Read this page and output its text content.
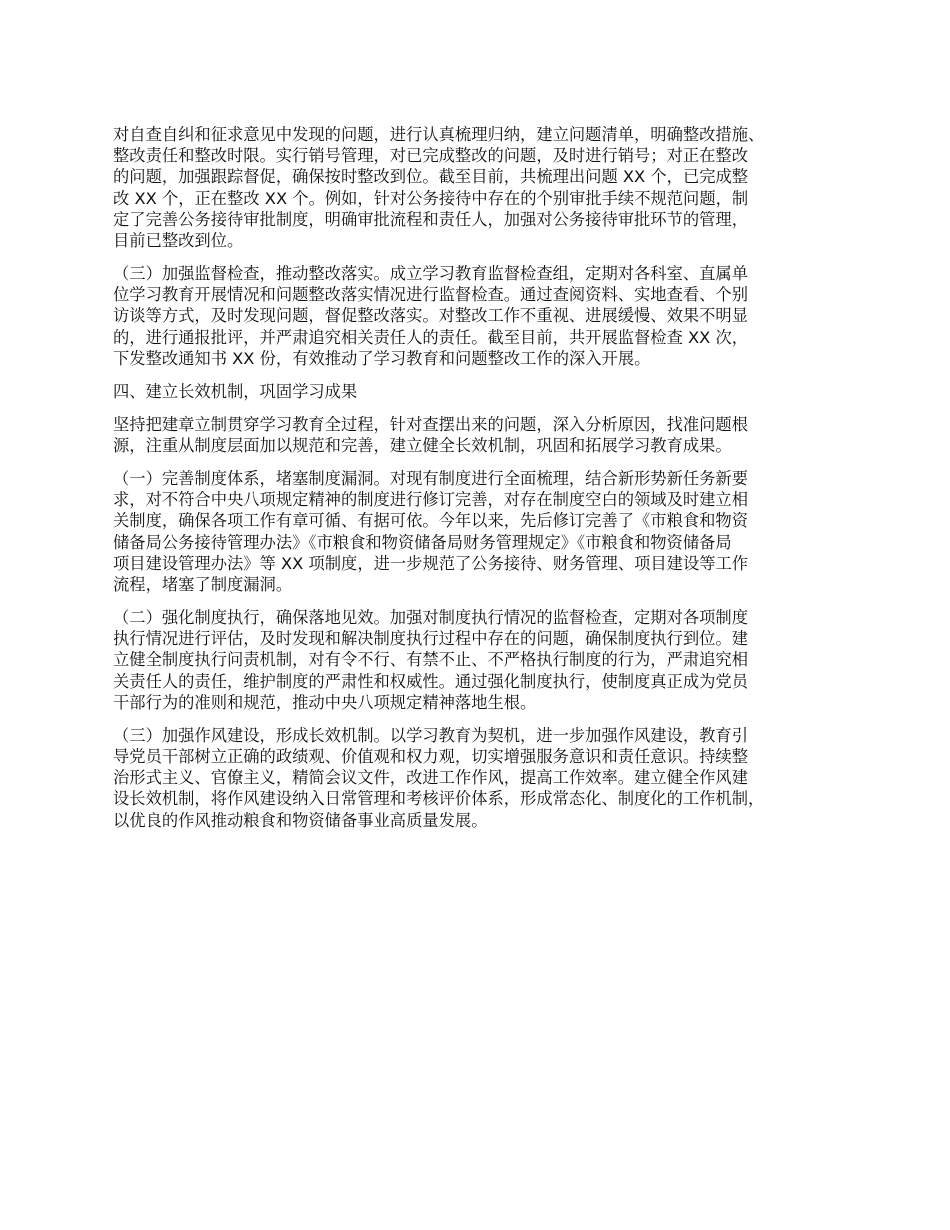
对自查自纠和征求意见中发现的问题，进行认真梳理归纳，建立问题清单，明确整改措施、
整改责任和整改时限。实行销号管理，对已完成整改的问题，及时进行销号；对正在整改
的问题，加强跟踪督促，确保按时整改到位。截至目前，共梳理出问题 XX 个，已完成整
改 XX 个，正在整改 XX 个。例如，针对公务接待中存在的个别审批手续不规范问题，制
定了完善公务接待审批制度，明确审批流程和责任人，加强对公务接待审批环节的管理，
目前已整改到位。

（三）加强监督检查，推动整改落实。成立学习教育监督检查组，定期对各科室、直属单
位学习教育开展情况和问题整改落实情况进行监督检查。通过查阅资料、实地查看、个别
访谈等方式，及时发现问题，督促整改落实。对整改工作不重视、进展缓慢、效果不明显
的，进行通报批评，并严肃追究相关责任人的责任。截至目前，共开展监督检查 XX 次，
下发整改通知书 XX 份，有效推动了学习教育和问题整改工作的深入开展。

四、建立长效机制，巩固学习成果

坚持把建章立制贯穿学习教育全过程，针对查摆出来的问题，深入分析原因，找准问题根
源，注重从制度层面加以规范和完善，建立健全长效机制，巩固和拓展学习教育成果。

（一）完善制度体系，堵塞制度漏洞。对现有制度进行全面梳理，结合新形势新任务新要
求，对不符合中央八项规定精神的制度进行修订完善，对存在制度空白的领域及时建立相
关制度，确保各项工作有章可循、有据可依。今年以来，先后修订完善了《市粮食和物资
储备局公务接待管理办法》《市粮食和物资储备局财务管理规定》《市粮食和物资储备局
项目建设管理办法》等 XX 项制度，进一步规范了公务接待、财务管理、项目建设等工作
流程，堵塞了制度漏洞。

（二）强化制度执行，确保落地见效。加强对制度执行情况的监督检查，定期对各项制度
执行情况进行评估，及时发现和解决制度执行过程中存在的问题，确保制度执行到位。建
立健全制度执行问责机制，对有令不行、有禁不止、不严格执行制度的行为，严肃追究相
关责任人的责任，维护制度的严肃性和权威性。通过强化制度执行，使制度真正成为党员
干部行为的准则和规范，推动中央八项规定精神落地生根。

（三）加强作风建设，形成长效机制。以学习教育为契机，进一步加强作风建设，教育引
导党员干部树立正确的政绩观、价值观和权力观，切实增强服务意识和责任意识。持续整
治形式主义、官僚主义，精简会议文件，改进工作作风，提高工作效率。建立健全作风建
设长效机制，将作风建设纳入日常管理和考核评价体系，形成常态化、制度化的工作机制，
以优良的作风推动粮食和物资储备事业高质量发展。
